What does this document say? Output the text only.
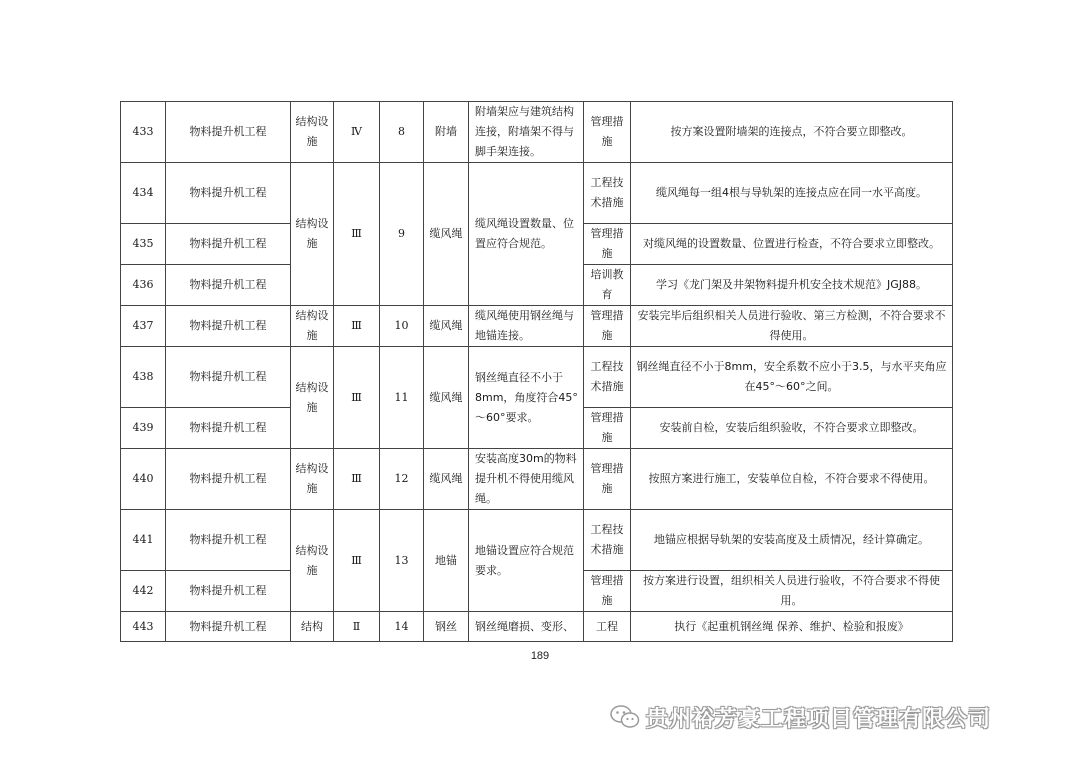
433	物料提升机工程	结构设施	Ⅳ	8	附墙	附墙架应与建筑结构连接，附墙架不得与脚手架连接。	管理措施	按方案设置附墙架的连接点，不符合要立即整改。
434	物料提升机工程	结构设施	Ⅲ	9	缆风绳	缆风绳设置数量、位置应符合规范。	工程技术措施	缆风绳每一组4根与导轨架的连接点应在同一水平高度。
435	物料提升机工程						管理措施	对缆风绳的设置数量、位置进行检查，不符合要求立即整改。
436	物料提升机工程						培训教育	学习《龙门架及井架物料提升机安全技术规范》JGJ88。
437	物料提升机工程	结构设施	Ⅲ	10	缆风绳	缆风绳使用钢丝绳与地锚连接。	管理措施	安装完毕后组织相关人员进行验收、第三方检测，不符合要求不得使用。
438	物料提升机工程	结构设施	Ⅲ	11	缆风绳	钢丝绳直径不小于8mm，角度符合45°～60°要求。	工程技术措施	钢丝绳直径不小于8mm，安全系数不应小于3.5，与水平夹角应在45°～60°之间。
439	物料提升机工程						管理措施	安装前自检，安装后组织验收，不符合要求立即整改。
440	物料提升机工程	结构设施	Ⅲ	12	缆风绳	安装高度30m的物料提升机不得使用缆风绳。	管理措施	按照方案进行施工，安装单位自检，不符合要求不得使用。
441	物料提升机工程	结构设施	Ⅲ	13	地锚	地锚设置应符合规范要求。	工程技术措施	地锚应根据导轨架的安装高度及土质情况，经计算确定。
442	物料提升机工程						管理措施	按方案进行设置，组织相关人员进行验收，不符合要求不得使用。
443	物料提升机工程	结构	Ⅱ	14	钢丝	钢丝绳磨损、变形、	工程	执行《起重机钢丝绳 保养、维护、检验和报废》
189
贵州裕芳豪工程项目管理有限公司
